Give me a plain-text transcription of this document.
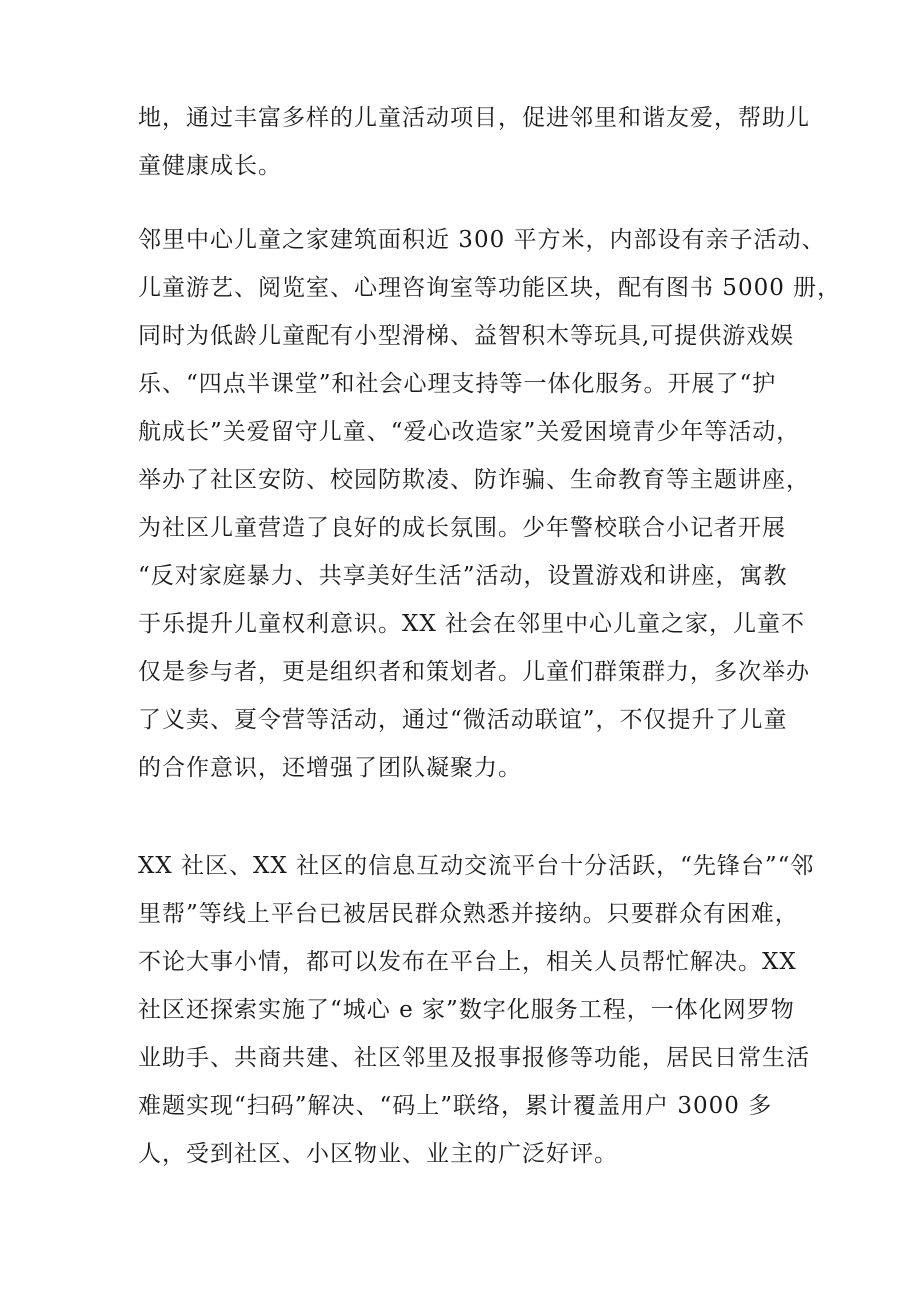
地，通过丰富多样的儿童活动项目，促进邻里和谐友爱，帮助儿
童健康成长。

邻里中心儿童之家建筑面积近 300 平方米，内部设有亲子活动、
儿童游艺、阅览室、心理咨询室等功能区块，配有图书 5000 册，
同时为低龄儿童配有小型滑梯、益智积木等玩具,可提供游戏娱
乐、“四点半课堂”和社会心理支持等一体化服务。开展了“护
航成长”关爱留守儿童、“爱心改造家”关爱困境青少年等活动，
举办了社区安防、校园防欺凌、防诈骗、生命教育等主题讲座，
为社区儿童营造了良好的成长氛围。少年警校联合小记者开展
“反对家庭暴力、共享美好生活”活动，设置游戏和讲座，寓教
于乐提升儿童权利意识。XX 社会在邻里中心儿童之家，儿童不
仅是参与者，更是组织者和策划者。儿童们群策群力，多次举办
了义卖、夏令营等活动，通过“微活动联谊”，不仅提升了儿童
的合作意识，还增强了团队凝聚力。

XX 社区、XX 社区的信息互动交流平台十分活跃，“先锋台”“邻
里帮”等线上平台已被居民群众熟悉并接纳。只要群众有困难，
不论大事小情，都可以发布在平台上，相关人员帮忙解决。XX
社区还探索实施了“城心 e 家”数字化服务工程，一体化网罗物
业助手、共商共建、社区邻里及报事报修等功能，居民日常生活
难题实现“扫码”解决、“码上”联络，累计覆盖用户 3000 多
人，受到社区、小区物业、业主的广泛好评。
